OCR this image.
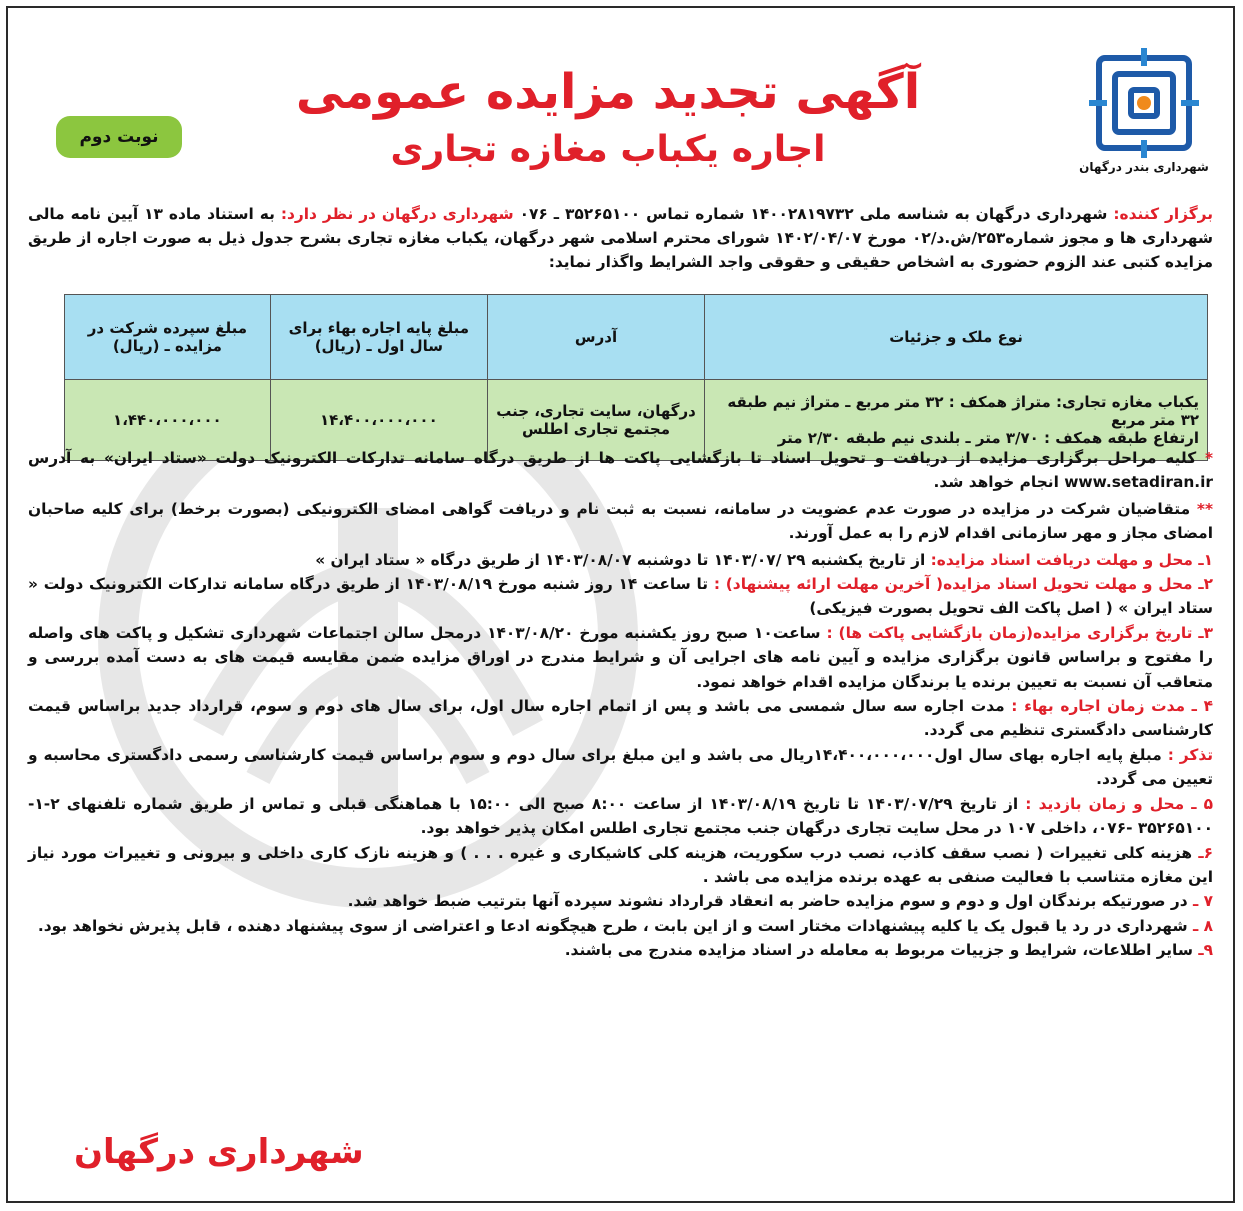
شهرداری بندر درگهان
نوبت دوم
آگهی تجدید مزایده عمومی
اجاره یکباب مغازه تجاری
برگزار کننده: شهرداری درگهان به شناسه ملی ۱۴۰۰۲۸۱۹۷۳۲ شماره تماس ۳۵۲۶۵۱۰۰ ـ ۰۷۶ شهرداری درگهان در نظر دارد: به استناد ماده ۱۳ آیین نامه مالی شهرداری ها و مجوز شماره۲۵۳/ش.د/۰۲ مورخ ۱۴۰۲/۰۴/۰۷ شورای محترم اسلامی شهر درگهان، یکباب مغازه تجاری بشرح جدول ذیل به صورت اجاره از طریق مزایده کتبی عند الزوم حضوری به اشخاص حقیقی و حقوقی واجد الشرایط واگذار نماید:
نوع ملک و جزئیات	آدرس	مبلغ پایه اجاره بهاء برای سال اول ـ (ریال)	مبلغ سپرده شرکت در مزایده ـ (ریال)

یکباب مغازه تجاری: متراژ همکف : ۳۲ متر مربع ـ متراژ نیم طبقه ۳۲ متر مربع
ارتفاع طبقه همکف : ۳/۷۰ متر ـ بلندی نیم طبقه ۲/۳۰ متر	درگهان، سایت تجاری، جنب مجتمع تجاری اطلس	۱۴،۴۰۰،۰۰۰،۰۰۰	۱،۴۴۰،۰۰۰،۰۰۰

* کلیه مراحل برگزاری مزایده از دریافت و تحویل اسناد تا بازگشایی پاکت ها از طریق درگاه سامانه تدارکات الکترونیک دولت «ستاد ایران» به آدرس www.setadiran.ir انجام خواهد شد.

** متقاضیان شرکت در مزایده در صورت عدم عضویت در سامانه، نسبت به ثبت نام و دریافت گواهی امضای الکترونیکی (بصورت برخط) برای کلیه صاحبان امضای مجاز و مهر سازمانی اقدام لازم را به عمل آورند.

۱ـ محل و مهلت دریافت اسناد مزایده: از تاریخ یکشنبه ۲۹ /۱۴۰۳/۰۷ تا دوشنبه ۱۴۰۳/۰۸/۰۷ از طریق درگاه « ستاد ایران »

۲ـ محل و مهلت تحویل اسناد مزایده( آخرین مهلت ارائه پیشنهاد) : تا ساعت ۱۴ روز شنبه مورخ ۱۴۰۳/۰۸/۱۹ از طریق درگاه سامانه تدارکات الکترونیک دولت « ستاد ایران » ( اصل پاکت الف تحویل بصورت فیزیکی)

۳ـ تاریخ برگزاری مزایده(زمان بازگشایی پاکت ها) : ساعت۱۰ صبح روز یکشنبه مورخ ۱۴۰۳/۰۸/۲۰ درمحل سالن اجتماعات شهرداری تشکیل و پاکت های واصله را مفتوح و براساس قانون برگزاری مزایده و آیین نامه های اجرایی آن و شرایط مندرج در اوراق مزایده ضمن مقایسه قیمت های به دست آمده بررسی و متعاقب آن نسبت به تعیین برنده یا برندگان مزایده اقدام خواهد نمود.

۴ ـ مدت زمان اجاره بهاء : مدت اجاره سه سال شمسی می باشد و پس از اتمام اجاره سال اول، برای سال های دوم و سوم، قرارداد جدید براساس قیمت کارشناسی دادگستری تنظیم می گردد.

تذکر : مبلغ پایه اجاره بهای سال اول۱۴،۴۰۰،۰۰۰،۰۰۰ریال می باشد و این مبلغ برای سال دوم و سوم براساس قیمت کارشناسی رسمی دادگستری محاسبه و تعیین می گردد.

۵ ـ محل و زمان بازدید : از تاریخ ۱۴۰۳/۰۷/۲۹ تا تاریخ ۱۴۰۳/۰۸/۱۹ از ساعت ۸:۰۰ صبح الی ۱۵:۰۰ با هماهنگی قبلی و تماس از طریق شماره تلفنهای ۲-۱- ۳۵۲۶۵۱۰۰ -۰۷۶، داخلی ۱۰۷ در محل سایت تجاری درگهان جنب مجتمع تجاری اطلس امکان پذیر خواهد بود.

۶ـ هزینه کلی تغییرات ( نصب سقف کاذب، نصب درب سکوریت، هزینه کلی کاشیکاری و غیره . . . ) و هزینه نازک کاری داخلی و بیرونی و تغییرات مورد نیاز این مغازه متناسب با فعالیت صنفی به عهده برنده مزایده می باشد .

۷ ـ در صورتیکه برندگان اول و دوم و سوم مزایده حاضر به انعقاد قرارداد نشوند سپرده آنها بترتیب ضبط خواهد شد.

۸ ـ شهرداری در رد یا قبول یک یا کلیه پیشنهادات مختار است و از این بابت ، طرح هیچگونه ادعا و اعتراضی از سوی پیشنهاد دهنده ، قابل پذیرش نخواهد بود.

۹ـ سایر اطلاعات، شرایط و جزییات مربوط به معامله در اسناد مزایده مندرج می باشند.

شهرداری درگهان
